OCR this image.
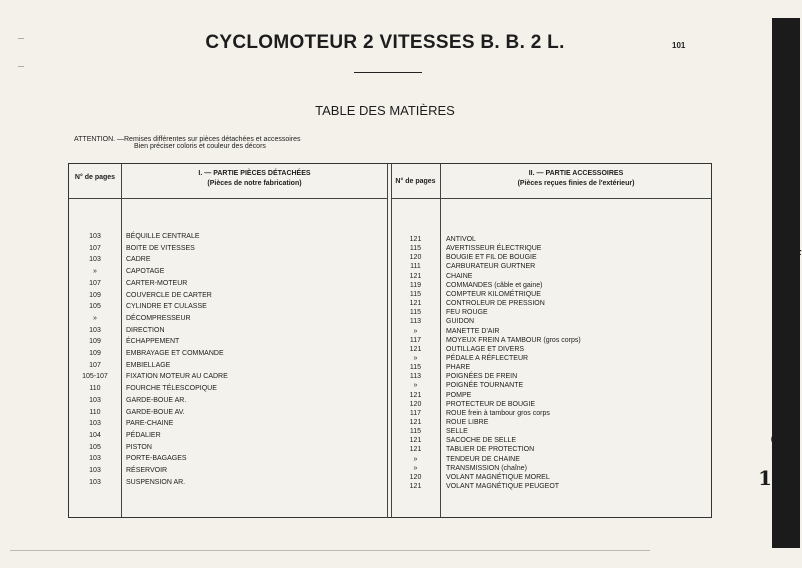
CYCLOMOTEUR 2 VITESSES B. B. 2 L.	101
TABLE DES MATIÈRES
ATTENTION. — Remises différentes sur pièces détachées et accessoires
Bien préciser coloris et couleur des décors
—
—
N° de pages
I. — PARTIE PIÈCES DÉTACHÉES
(Pièces de notre fabrication)	N° de pages
II. — PARTIE ACCESSOIRES
(Pièces reçues finies de l'extérieur)
103	BÉQUILLE CENTRALE
107	BOITE DE VITESSES
103	CADRE
»	CAPOTAGE
107	CARTER-MOTEUR
109	COUVERCLE DE CARTER
105	CYLINDRE ET CULASSE
»	DÉCOMPRESSEUR
103	DIRECTION
109	ÉCHAPPEMENT
109	EMBRAYAGE ET COMMANDE
107	EMBIELLAGE
105-107	FIXATION MOTEUR AU CADRE
110	FOURCHE TÉLESCOPIQUE
103	GARDE-BOUE AR.
110	GARDE-BOUE AV.
103	PARE-CHAINE
104	PÉDALIER
105	PISTON
103	PORTE-BAGAGES
103	RÉSERVOIR
103	SUSPENSION AR.
121	ANTIVOL
115	AVERTISSEUR ÉLECTRIQUE
120	BOUGIE ET FIL DE BOUGIE
111	CARBURATEUR GURTNER
121	CHAINE
119	COMMANDES (câble et gaine)
115	COMPTEUR KILOMÉTRIQUE
121	CONTROLEUR DE PRESSION
115	FEU ROUGE
113	GUIDON
»	MANETTE D'AIR
117	MOYEUX FREIN A TAMBOUR (gros corps)
121	OUTILLAGE ET DIVERS
»	PÉDALE A RÉFLECTEUR
115	PHARE
113	POIGNÉES DE FREIN
»	POIGNÉE TOURNANTE
121	POMPE
120	PROTECTEUR DE BOUGIE
117	ROUE frein à tambour gros corps
121	ROUE LIBRE
115	SELLE
121	SACOCHE DE SELLE
121	TABLIER DE PROTECTION
»	TENDEUR DE CHAINE
»	TRANSMISSION (chaîne)
120	VOLANT MAGNÉTIQUE MOREL
121	VOLANT MAGNÉTIQUE PEUGEOT
3
4
5
6
7
8
9
10
